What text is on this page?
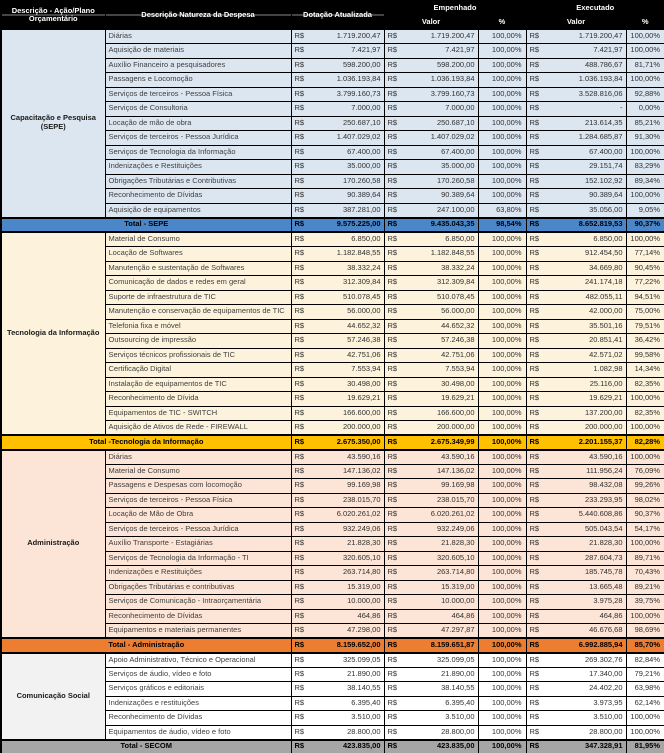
Descrição - Ação/Plano Orçamentário	Descrição Natureza da Despesa	Dotação Atualizada	Empenhado		Executado	
			Valor	%	Valor	%
Capacitação e Pesquisa (SEPE)	Diárias	R$ 1.719.200,47	R$ 1.719.200,47	100,00%	R$ 1.719.200,47	100,00%
	Aquisição de materiais	R$ 7.421,97	R$ 7.421,97	100,00%	R$ 7.421,97	100,00%
	Auxílio Financeiro a pesquisadores	R$ 598.200,00	R$ 598.200,00	100,00%	R$ 488.786,67	81,71%
	Passagens e Locomoção	R$ 1.036.193,84	R$ 1.036.193,84	100,00%	R$ 1.036.193,84	100,00%
	Serviços de terceiros - Pessoa Física	R$ 3.799.160,73	R$ 3.799.160,73	100,00%	R$ 3.528.816,06	92,88%
	Serviços de Consultoria	R$ 7.000,00	R$ 7.000,00	100,00%	R$ -	0,00%
	Locação de mão de obra	R$ 250.687,10	R$ 250.687,10	100,00%	R$ 213.614,35	85,21%
	Serviços de terceiros - Pessoa Jurídica	R$ 1.407.029,02	R$ 1.407.029,02	100,00%	R$ 1.284.685,87	91,30%
	Serviços de Tecnologia da Informação	R$ 67.400,00	R$ 67.400,00	100,00%	R$ 67.400,00	100,00%
	Indenizações e Restituições	R$ 35.000,00	R$ 35.000,00	100,00%	R$ 29.151,74	83,29%
	Obrigações Tributárias e Contributivas	R$ 170.260,58	R$ 170.260,58	100,00%	R$ 152.102,92	89,34%
	Reconhecimento de Dívidas	R$ 90.389,64	R$ 90.389,64	100,00%	R$ 90.389,64	100,00%
	Aquisição de equipamentos	R$ 387.281,00	R$ 247.100,00	63,80%	R$ 35.056,00	9,05%
Total - SEPE		R$ 9.575.225,00	R$ 9.435.043,35	98,54%	R$ 8.652.819,53	90,37%
Tecnologia da Informação	Material de Consumo	R$ 6.850,00	R$ 6.850,00	100,00%	R$ 6.850,00	100,00%
	Locação de Softwares	R$ 1.182.848,55	R$ 1.182.848,55	100,00%	R$ 912.454,50	77,14%
	Manutenção e sustentação de Softwares	R$ 38.332,24	R$ 38.332,24	100,00%	R$ 34.669,80	90,45%
	Comunicação de dados e redes em geral	R$ 312.309,84	R$ 312.309,84	100,00%	R$ 241.174,18	77,22%
	Suporte de infraestrutura de TIC	R$ 510.078,45	R$ 510.078,45	100,00%	R$ 482.055,11	94,51%
	Manutenção e conservação de equipamentos de TIC	R$ 56.000,00	R$ 56.000,00	100,00%	R$ 42.000,00	75,00%
	Telefonia fixa e móvel	R$ 44.652,32	R$ 44.652,32	100,00%	R$ 35.501,16	79,51%
	Outsourcing de impressão	R$ 57.246,38	R$ 57.246,38	100,00%	R$ 20.851,41	36,42%
	Serviços técnicos profissionais de TIC	R$ 42.751,06	R$ 42.751,06	100,00%	R$ 42.571,02	99,58%
	Certificação Digital	R$ 7.553,94	R$ 7.553,94	100,00%	R$ 1.082,98	14,34%
	Instalação de equipamentos de TIC	R$ 30.498,00	R$ 30.498,00	100,00%	R$ 25.116,00	82,35%
	Reconhecimento de Dívida	R$ 19.629,21	R$ 19.629,21	100,00%	R$ 19.629,21	100,00%
	Equipamentos de TIC - SWITCH	R$ 166.600,00	R$ 166.600,00	100,00%	R$ 137.200,00	82,35%
	Aquisição de Ativos de Rede - FIREWALL	R$ 200.000,00	R$ 200.000,00	100,00%	R$ 200.000,00	100,00%
Total -Tecnologia da Informação		R$ 2.675.350,00	R$ 2.675.349,99	100,00%	R$ 2.201.155,37	82,28%
Administração	Diárias	R$ 43.590,16	R$ 43.590,16	100,00%	R$ 43.590,16	100,00%
	Material de Consumo	R$ 147.136,02	R$ 147.136,02	100,00%	R$ 111.956,24	76,09%
	Passagens e Despesas com locomoção	R$ 99.169,98	R$ 99.169,98	100,00%	R$ 98.432,08	99,26%
	Serviços de terceiros - Pessoa Física	R$ 238.015,70	R$ 238.015,70	100,00%	R$ 233.293,95	98,02%
	Locação de Mão de Obra	R$ 6.020.261,02	R$ 6.020.261,02	100,00%	R$ 5.440.608,86	90,37%
	Serviços de terceiros - Pessoa Jurídica	R$ 932.249,06	R$ 932.249,06	100,00%	R$ 505.043,54	54,17%
	Auxílio Transporte - Estagiárias	R$ 21.828,30	R$ 21.828,30	100,00%	R$ 21.828,30	100,00%
	Serviços de Tecnologia da Informação - TI	R$ 320.605,10	R$ 320.605,10	100,00%	R$ 287.604,73	89,71%
	Indenizações e Restituições	R$ 263.714,80	R$ 263.714,80	100,00%	R$ 185.745,78	70,43%
	Obrigações Tributárias e contributivas	R$ 15.319,00	R$ 15.319,00	100,00%	R$ 13.665,48	89,21%
	Serviços de Comunicação - Intraorçamentária	R$ 10.000,00	R$ 10.000,00	100,00%	R$ 3.975,28	39,75%
	Reconhecimento de Dívidas	R$ 464,86	R$ 464,86	100,00%	R$ 464,86	100,00%
	Equipamentos e materiais permanentes	R$ 47.298,00	R$ 47.297,87	100,00%	R$ 46.676,68	98,69%
Total - Administração		R$ 8.159.652,00	R$ 8.159.651,87	100,00%	R$ 6.992.885,94	85,70%
Comunicação Social	Apoio Administrativo, Técnico e Operacional	R$ 325.099,05	R$ 325.099,05	100,00%	R$ 269.302,76	82,84%
	Serviços de áudio, vídeo e foto	R$ 21.890,00	R$ 21.890,00	100,00%	R$ 17.340,00	79,21%
	Serviços gráficos e editoriais	R$ 38.140,55	R$ 38.140,55	100,00%	R$ 24.402,20	63,98%
	Indenizações e restituições	R$ 6.395,40	R$ 6.395,40	100,00%	R$ 3.973,95	62,14%
	Reconhecimento de Dívidas	R$ 3.510,00	R$ 3.510,00	100,00%	R$ 3.510,00	100,00%
	Equipamentos de áudio, vídeo e foto	R$ 28.800,00	R$ 28.800,00	100,00%	R$ 28.800,00	100,00%
Total - SECOM		R$ 423.835,00	R$ 423.835,00	100,00%	R$ 347.328,91	81,95%
